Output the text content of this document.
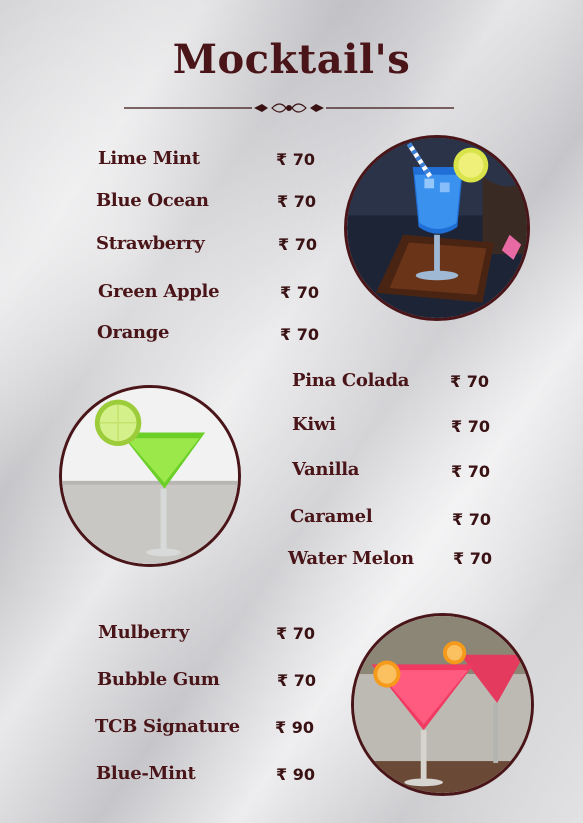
Mocktail's
Lime Mint	₹ 70
Blue Ocean	₹ 70
Strawberry	₹ 70
Green Apple	₹ 70
Orange	₹ 70
Pina Colada	₹ 70
Kiwi	₹ 70
Vanilla	₹ 70
Caramel	₹ 70
Water Melon ₹ 70
Mulberry	₹ 70
Bubble Gum	₹ 70
TCB Signature ₹ 90
Blue-Mint	₹ 90
